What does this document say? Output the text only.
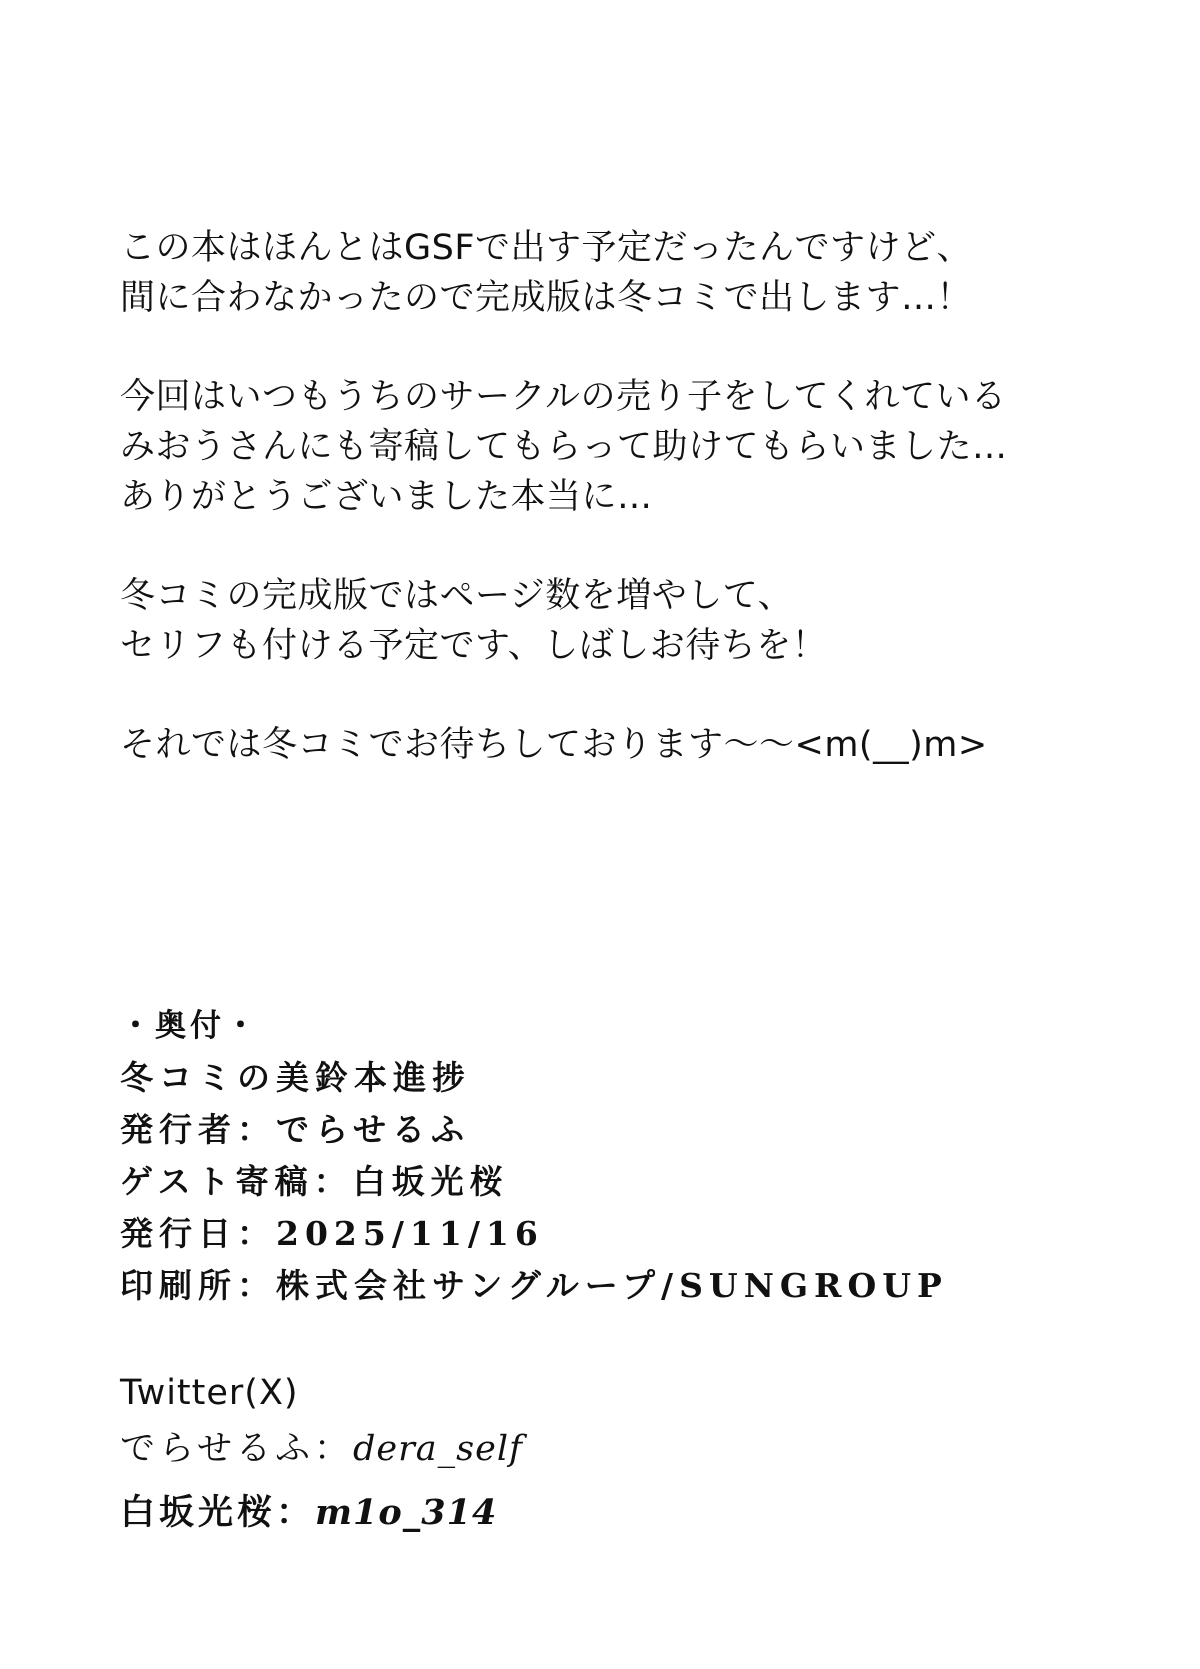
この本はほんとはGSFで出す予定だったんですけど、
間に合わなかったので完成版は冬コミで出します…！
今回はいつもうちのサークルの売り子をしてくれている
みおうさんにも寄稿してもらって助けてもらいました…
ありがとうございました本当に…
冬コミの完成版ではページ数を増やして、
セリフも付ける予定です、しばしお待ちを！
それでは冬コミでお待ちしております～～<m(__)m>
・奥付・
冬コミの美鈴本進捗
発行者：でらせるふ
ゲスト寄稿：白坂光桜
発行日：2025/11/16
印刷所：株式会社サングループ/SUNGROUP
Twitter(X)
でらせるふ：dera_self
白坂光桜：m1o_314
